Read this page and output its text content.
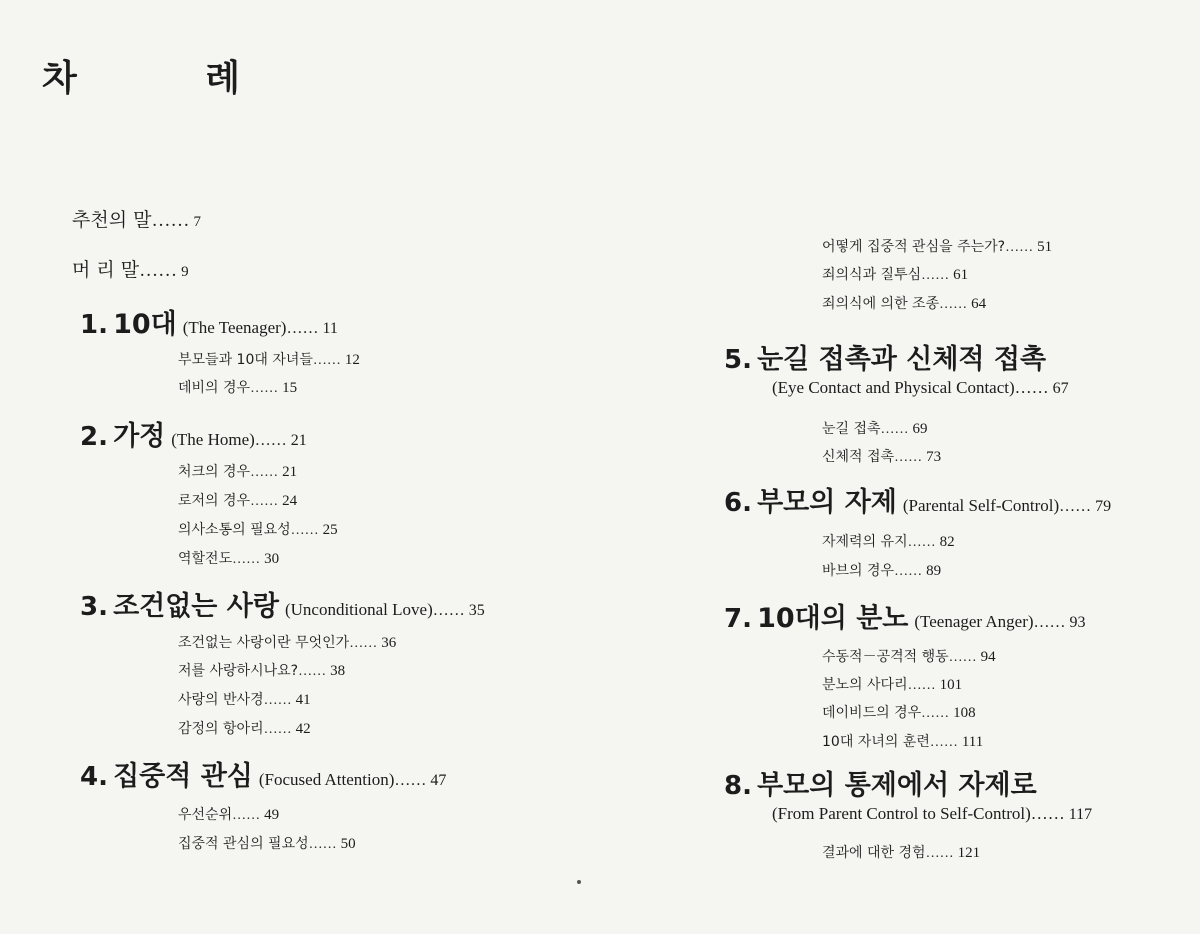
차 례
추천의 말…… 7
머 리 말…… 9
1. 10대 (The Teenager)…… 11
부모들과 10대 자녀들…… 12
데비의 경우…… 15
2. 가정 (The Home)…… 21
처크의 경우…… 21
로저의 경우…… 24
의사소통의 필요성…… 25
역할전도…… 30
3. 조건없는 사랑 (Unconditional Love)…… 35
조건없는 사랑이란 무엇인가…… 36
저를 사랑하시나요?…… 38
사랑의 반사경…… 41
감정의 항아리…… 42
4. 집중적 관심 (Focused Attention)…… 47
우선순위…… 49
집중적 관심의 필요성…… 50
어떻게 집중적 관심을 주는가?…… 51
죄의식과 질투심…… 61
죄의식에 의한 조종…… 64
5. 눈길 접촉과 신체적 접촉
(Eye Contact and Physical Contact)…… 67
눈길 접촉…… 69
신체적 접촉…… 73
6. 부모의 자제 (Parental Self-Control)…… 79
자제력의 유지…… 82
바브의 경우…… 89
7. 10대의 분노 (Teenager Anger)…… 93
수동적－공격적 행동…… 94
분노의 사다리…… 101
데이비드의 경우…… 108
10대 자녀의 훈련…… 111
8. 부모의 통제에서 자제로
(From Parent Control to Self-Control)…… 117
결과에 대한 경험…… 121
